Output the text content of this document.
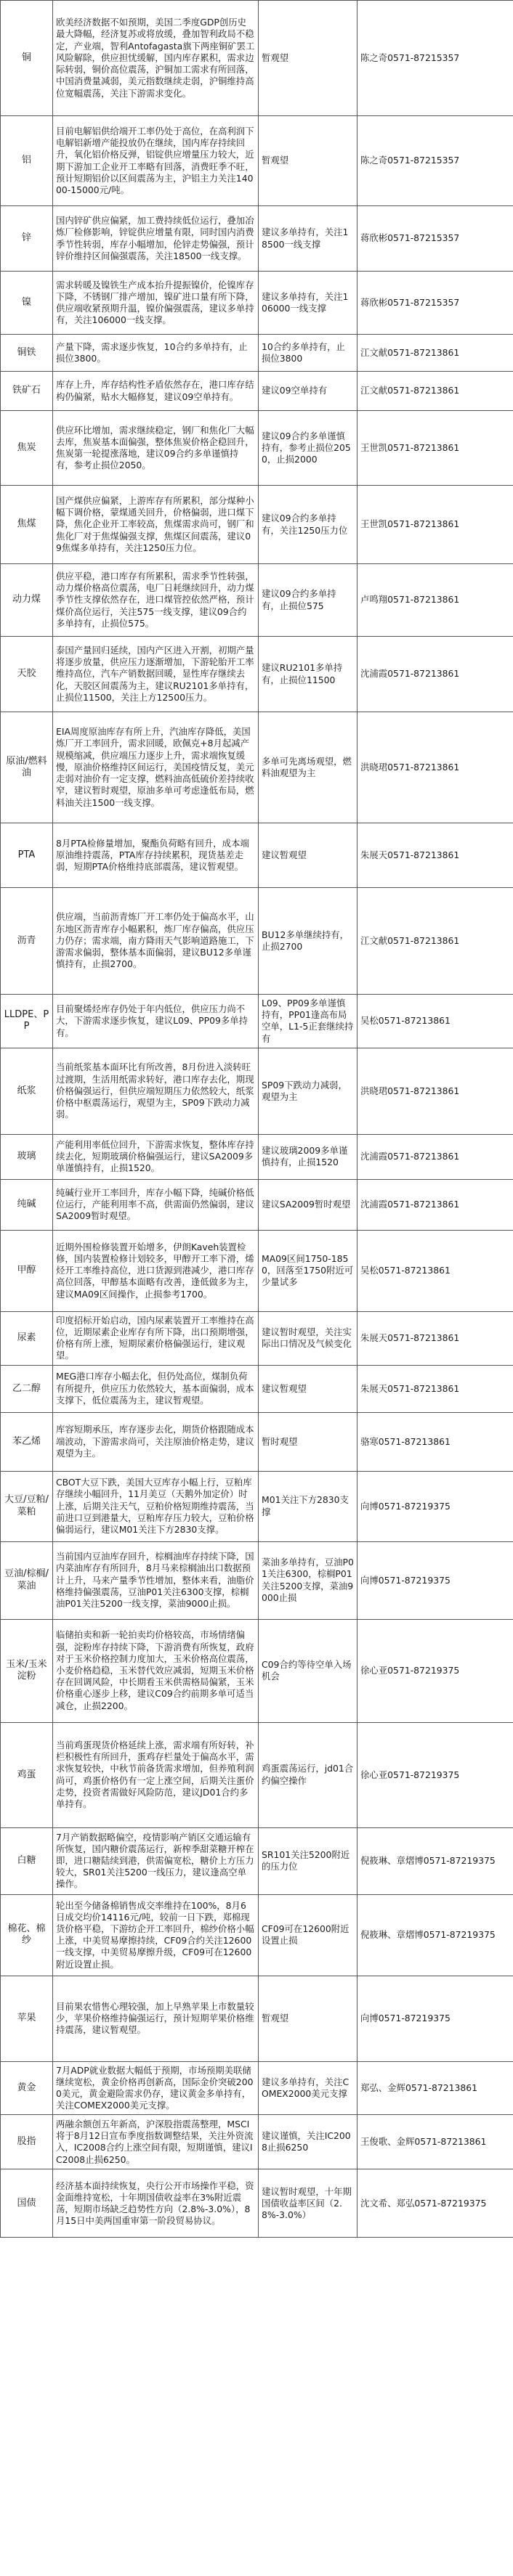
铜	欧美经济数据不如预期，美国二季度GDP创历史最大降幅，经济复苏或将放缓，叠加智利政局不稳定，产业端，智利Antofagasta旗下两座铜矿罢工风险解除，供应担忧缓解，国内库存累积，需求边际转弱，铜价高位震荡，沪铜加工需求有所回落，中国消费量减弱，美元指数继续走弱，沪铜维持高位宽幅震荡，关注下游需求变化。	暂观望	陈之奇0571-87215357
铝	目前电解铝供给端开工率仍处于高位，在高利润下电解铝新增产能投放仍在继续，国内库存持续回升，氧化铝价格反弹，铝锭供应增量压力较大，近期下游加工企业开工率略有回落，消费旺季不旺，预计短期铝价以区间震荡为主，沪铝主力关注14000-15000元/吨。	暂观望	陈之奇0571-87215357
锌	国内锌矿供应偏紧，加工费持续低位运行，叠加冶炼厂检修影响，锌锭供应增量有限，同时国内消费季节性转弱，库存小幅增加，伦锌走势偏强，预计锌价维持区间偏强震荡，关注18500一线支撑。	建议多单持有，关注18500一线支撑	蒋欣彬0571-87215357
镍	需求转暖及镍铁生产成本抬升提振镍价，伦镍库存下降，不锈钢厂排产增加，镍矿进口量有所下降，供应端收紧预期升温，镍价偏强震荡，建议多单持有，关注106000一线支撑。	建议多单持有，关注106000一线支撑	蒋欣彬0571-87215357
铜铁	产量下降，需求逐步恢复，10合约多单持有，止损位3800。	10合约多单持有，止损位3800	江文献0571-87213861
铁矿石	库存上升，库存结构性矛盾依然存在，港口库存结构仍偏紧，贴水大幅修复，建议09空单持有。	建议09空单持有	江文献0571-87213861
焦炭	供应环比增加，需求继续稳定，钢厂和焦化厂大幅去库，焦炭基本面偏强，整体焦炭价格企稳回升，焦炭第一轮提涨落地，建议09合约多单谨慎持有，参考止损位2050。	建议09合约多单谨慎持有，参考止损位2050，止损2000	王世凯0571-87213861
焦煤	国产煤供应偏紧，上游库存有所累积，部分煤种小幅下调价格，蒙煤通关回升，价格偏弱，进口煤下降，焦化企业开工率较高，焦煤需求尚可，钢厂和焦化厂对于焦煤偏强支撑，焦煤区间震荡，建议09焦煤多单持有，关注1250压力位。	建议09合约多单持有，关注1250压力位	王世凯0571-87213861
动力煤	供应平稳，港口库存有所累积，需求季节性转强，动力煤价格高位震荡，电厂日耗继续回升，动力煤季节性支撑依然存在，进口煤管控依然严格，预计煤价高位运行，关注575一线支撑，建议09合约多单持有，止损位575。	建议09合约多单持有，止损位575	卢鸣翔0571-87213861
天胶	泰国产量回归延续，国内产区进入开割，初期产量将逐步放量，供应压力逐渐增加，下游轮胎开工率维持高位，汽车产销数据回暖，显性库存继续去化，天胶区间震荡为主，建议RU2101多单持有，止损位11500，关注上方12500压力。	建议RU2101多单持有，止损位11500	沈浦霞0571-87213861
原油/燃料油	EIA周度原油库存有所上升，汽油库存降低，美国炼厂开工率回升，需求回暖，欧佩克+8月起减产规模缩减，供应端压力逐步上升，需求端恢复缓慢，原油价格维持区间运行，美国疫情反复，美元走弱对油价有一定支撑，燃料油高低硫价差持续收窄，建议暂时观望，原油多单可考虑逢低布局，燃料油关注1500一线支撑。	多单可先离场观望，燃料油观望为主	洪晓珺0571-87213861
PTA	8月PTA检修量增加，聚酯负荷略有回升，成本端原油维持震荡，PTA库存持续累积，现货基差走弱，短期PTA价格维持底部震荡，建议暂观望。	建议暂观望	朱展天0571-87213861
沥青	供应端，当前沥青炼厂开工率仍处于偏高水平，山东地区沥青库存小幅累积，炼厂库存偏高，供应压力仍存；需求端，南方降雨天气影响道路施工，下游需求偏弱，整体基本面偏弱，建议BU12多单谨慎持有，止损2700。	BU12多单继续持有，止损2700	江文献0571-87213861
LLDPE、PP	目前聚烯烃库存仍处于年内低位，供应压力尚不大，下游需求逐步恢复，建议L09、PP09多单持有。	L09、PP09多单谨慎持有，PP01逢高布局空单，L1-5正套继续持有	吴松0571-87213861
纸浆	当前纸浆基本面环比有所改善，8月份进入淡转旺过渡期，生活用纸需求转好，港口库存去化，期现价格偏强运行，但供应端短期压力依然较大，纸浆价格中枢震荡运行，观望为主，SP09下跌动力减弱。	SP09下跌动力减弱，观望为主	洪晓珺0571-87213861
玻璃	产能利用率低位回升，下游需求恢复，整体库存持续去化，短期玻璃价格偏强运行，建议SA2009多单谨慎持有，止损1520。	建议玻璃2009多单谨慎持有，止损1520	沈浦霞0571-87213861
纯碱	纯碱行业开工率回升，库存小幅下降，纯碱价格低位运行，产能利用率不高，供需面仍然偏弱，建议SA2009暂时观望。	建议SA2009暂时观望	沈浦霞0571-87213861
甲醇	近期外围检修装置开始增多，伊朗Kaveh装置检修，国内装置检修计划较多，甲醇开工率下滑，烯烃开工率维持高位，进口货源到港减少，港口库存高位回落，甲醇基本面略有改善，逢低做多为主，建议MA09区间操作，止损参考1700。	MA09区间1750-1850，回落至1750附近可少量试多	吴松0571-87213861
尿素	印度招标开始启动，国内尿素装置开工率维持在高位，近期尿素企业库存有所下降，出口预期增强，价格有所上涨，短期尿素价格偏强运行，建议观望。	建议暂时观望，关注实际出口情况及气候变化	朱展天0571-87213861
乙二醇	MEG港口库存小幅去化，但仍处高位，煤制负荷有所提升，供应压力依然较大，基本面偏弱，成本支撑下，低位震荡为主，建议暂观望。	建议暂观望	朱展天0571-87213861
苯乙烯	库容短期承压，库存逐步去化，期货价格跟随成本端波动，下游需求尚可，关注原油价格走势，建议观望为主。	暂时观望	骆寒0571-87213861
大豆/豆粕/菜粕	CBOT大豆下跌，美国大豆库存小幅上行，豆粕库存继续小幅回升，11月美豆（天鹅外加定价）时上涨，后期关注天气，豆粕价格短期维持震荡，当前进口豆到港量大，豆粕库存压力较大，豆粕价格偏弱运行，建议M01关注下方2830支撑。	M01关注下方2830支撑	向博0571-87219375
豆油/棕榈/菜油	当前国内豆油库存回升，棕榈油库存持续下降，国内菜油库存有所回升，8月马来棕榈油出口数据预计上升，马来产量季节性增加，整体来看，油脂价格维持偏强震荡，豆油P01关注6300支撑，棕榈油P01关注5200一线支撑，菜油9000止损。	菜油多单持有，豆油P01关注6300，棕榈P01关注5200支撑，菜油9000止损	向博0571-87219375
玉米/玉米淀粉	临储拍卖和新一轮拍卖均价格较高，市场情绪偏强，淀粉库存持续下降，下游消费有所恢复，政府对于玉米价格控制力度加大，玉米价格高位震荡，小麦价格趋稳，玉米替代效应减弱，短期玉米价格存在回调风险，中长期看玉米供需格局偏紧，玉米价格重心逐步上移，建议C09合约前期多单可适当减仓，止损2200。	C09合约等待空单入场机会	徐心亚0571-87219375
鸡蛋	当前鸡蛋现货价格延续上涨，需求端有所好转，补栏积极性有所回升，蛋鸡存栏量处于偏高水平，需求恢复较快，中秋节前备货需求增加，但养殖利润尚可，鸡蛋价格仍有一定上涨空间，后期关注蛋价走势，投资者需做好风险防范，建议JD01合约多单持有。	鸡蛋震荡运行，jd01合约偏空操作	徐心亚0571-87219375
白糖	7月产销数据略偏空，疫情影响产销区交通运输有所恢复，国内糖价震荡运行，新榨季甜菜糖开榨在即，进口糖陆续到港，供需偏宽松，糖价上方压力较大，SR01关注5200一线压力，建议逢高空单操作。	SR101关注5200附近的压力位	倪筱琳、章熠博0571-87219375
棉花、棉纱	轮出至今储备棉销售成交率维持在100%，8月6日成交均价14116元/吨，较前一日下跌，郑棉现货价格平稳，下游纺企开工率回升，棉纱价格小幅上涨，中美贸易摩擦持续，CF09合约关注12600一线支撑，中美贸易摩擦升级，CF09可在12600附近设置止损。	CF09可在12600附近设置止损	倪筱琳、章熠博0571-87219375
苹果	目前果农惜售心理较强，加上早熟苹果上市数量较少，苹果价格维持偏强运行，预计短期苹果价格维持震荡，建议暂观望。	暂观望	向博0571-87219375
黄金	7月ADP就业数据大幅低于预期，市场预期美联储继续宽松，黄金价格再创新高，国际金价突破2000美元，黄金避险需求仍存，建议黄金多单持有，关注COMEX2000美元支撑。	建议多单持有，关注COMEX2000美元支撑	郑弘、金辉0571-87213861
股指	两融余额创五年新高，沪深股指震荡整理，MSCI将于8月12日宣布季度指数调整结果，关注外资流入，IC2008合约上涨空间有限，短期谨慎，建议IC2008止损6250。	建议谨慎，关注IC2008止损6250	王俊歌、金辉0571-87213861
国债	经济基本面持续恢复，央行公开市场操作平稳，资金面维持宽松，十年期国债收益率在3%附近震荡，短期市场缺乏趋势性方向（2.8%-3.0%），8月15日中美两国重审第一阶段贸易协议。	建议暂时观望，十年期国债收益率区间（2.8%-3.0%）	沈文希、郑弘0571-87219375
